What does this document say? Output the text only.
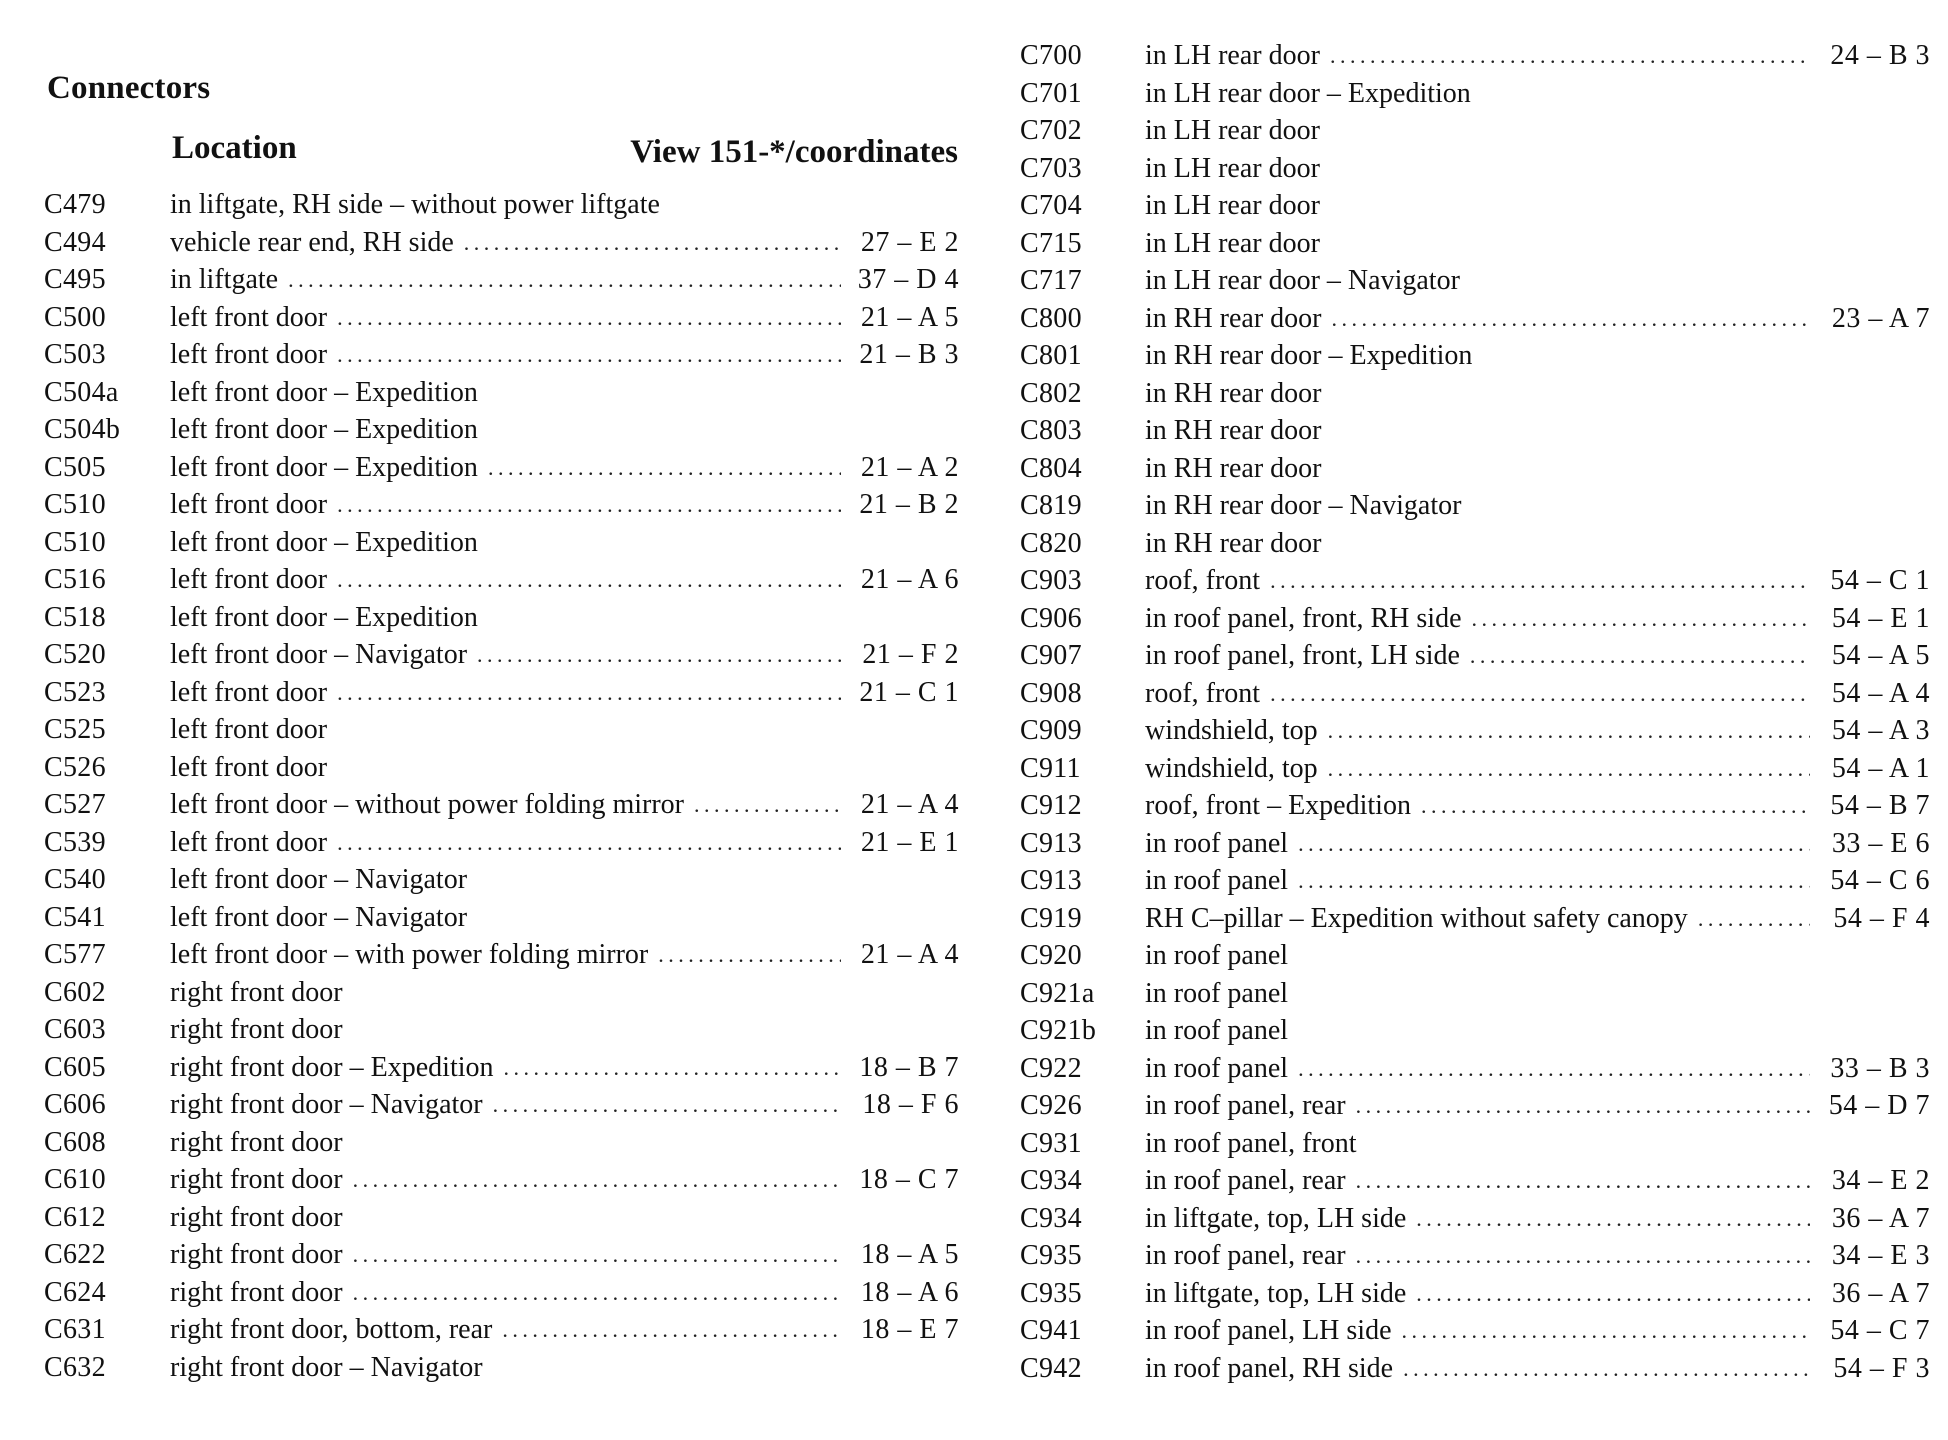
Connectors
Location	View 151-*/coordinates
C479	in liftgate, RH side – without power liftgate
C494	vehicle rear end, RH side . . .	27 – E 2
C495	in liftgate . . .	37 – D 4
C500	left front door . . .	21 – A 5
C503	left front door . . .	21 – B 3
C504a	left front door – Expedition
C504b	left front door – Expedition
C505	left front door – Expedition . . .	21 – A 2
C510	left front door . . .	21 – B 2
C510	left front door – Expedition
C516	left front door . . .	21 – A 6
C518	left front door – Expedition
C520	left front door – Navigator . . .	21 – F 2
C523	left front door . . .	21 – C 1
C525	left front door
C526	left front door
C527	left front door – without power folding mirror . . .	21 – A 4
C539	left front door . . .	21 – E 1
C540	left front door – Navigator
C541	left front door – Navigator
C577	left front door – with power folding mirror . . .	21 – A 4
C602	right front door
C603	right front door
C605	right front door – Expedition . . .	18 – B 7
C606	right front door – Navigator . . .	18 – F 6
C608	right front door
C610	right front door . . .	18 – C 7
C612	right front door
C622	right front door . . .	18 – A 5
C624	right front door . . .	18 – A 6
C631	right front door, bottom, rear . . .	18 – E 7
C632	right front door – Navigator
C700	in LH rear door . . .	24 – B 3
C701	in LH rear door – Expedition
C702	in LH rear door
C703	in LH rear door
C704	in LH rear door
C715	in LH rear door
C717	in LH rear door – Navigator
C800	in RH rear door . . .	23 – A 7
C801	in RH rear door – Expedition
C802	in RH rear door
C803	in RH rear door
C804	in RH rear door
C819	in RH rear door – Navigator
C820	in RH rear door
C903	roof, front . . .	54 – C 1
C906	in roof panel, front, RH side . . .	54 – E 1
C907	in roof panel, front, LH side . . .	54 – A 5
C908	roof, front . . .	54 – A 4
C909	windshield, top . . .	54 – A 3
C911	windshield, top . . .	54 – A 1
C912	roof, front – Expedition . . .	54 – B 7
C913	in roof panel . . .	33 – E 6
C913	in roof panel . . .	54 – C 6
C919	RH C–pillar – Expedition without safety canopy . . .	54 – F 4
C920	in roof panel
C921a	in roof panel
C921b	in roof panel
C922	in roof panel . . .	33 – B 3
C926	in roof panel, rear . . .	54 – D 7
C931	in roof panel, front
C934	in roof panel, rear . . .	34 – E 2
C934	in liftgate, top, LH side . . .	36 – A 7
C935	in roof panel, rear . . .	34 – E 3
C935	in liftgate, top, LH side . . .	36 – A 7
C941	in roof panel, LH side . . .	54 – C 7
C942	in roof panel, RH side . . .	54 – F 3
